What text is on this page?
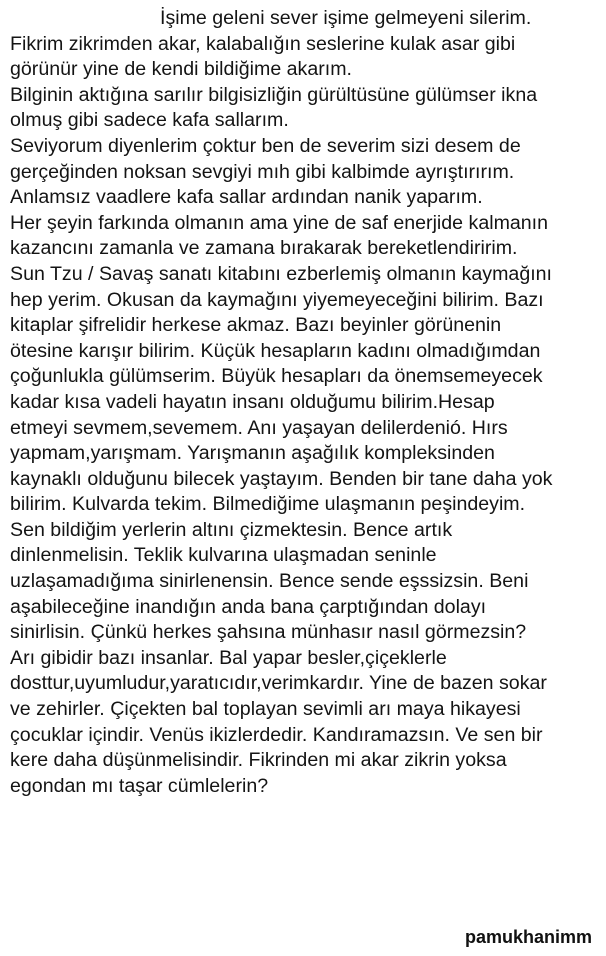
İşime geleni sever işime gelmeyeni silerim.
Fikrim zikrimden akar, kalabalığın seslerine kulak asar gibi
görünür yine de kendi bildiğime akarım.
Bilginin aktığına sarılır bilgisizliğin gürültüsüne gülümser ikna
olmuş gibi sadece kafa sallarım.
Seviyorum diyenlerim çoktur ben de severim sizi desem de
gerçeğinden noksan sevgiyi mıh gibi kalbimde ayrıştırırım.
Anlamsız vaadlere kafa sallar ardından nanik yaparım.
Her şeyin farkında olmanın ama yine de saf enerjide kalmanın
kazancını zamanla ve zamana bırakarak bereketlendiririm.
Sun Tzu / Savaş sanatı kitabını ezberlemiş olmanın kaymağını
hep yerim. Okusan da kaymağını yiyemeyeceğini bilirim. Bazı
kitaplar şifrelidir herkese akmaz. Bazı beyinler görünenin
ötesine karışır bilirim. Küçük hesapların kadını olmadığımdan
çoğunlukla gülümserim. Büyük hesapları da önemsemeyecek
kadar kısa vadeli hayatın insanı olduğumu bilirim.Hesap
etmeyi sevmem,sevemem. Anı yaşayan delilerdenió. Hırs
yapmam,yarışmam. Yarışmanın aşağılık kompleksinden
kaynaklı olduğunu bilecek yaştayım. Benden bir tane daha yok
bilirim. Kulvarda tekim. Bilmediğime ulaşmanın peşindeyim.
Sen bildiğim yerlerin altını çizmektesin. Bence artık
dinlenmelisin. Teklik kulvarına ulaşmadan seninle
uzlaşamadığıma sinirlenensin. Bence sende eşssizsin. Beni
aşabileceğine inandığın anda bana çarptığından dolayı
sinirlisin. Çünkü herkes şahsına münhasır nasıl görmezsin?
Arı gibidir bazı insanlar. Bal yapar besler,çiçeklerle
dosttur,uyumludur,yaratıcıdır,verimkardır. Yine de bazen sokar
ve zehirler. Çiçekten bal toplayan sevimli arı maya hikayesi
çocuklar içindir. Venüs ikizlerdedir. Kandıramazsın. Ve sen bir
kere daha düşünmelisindir. Fikrinden mi akar zikrin yoksa
egondan mı taşar cümlelerin?
pamukhanimm
